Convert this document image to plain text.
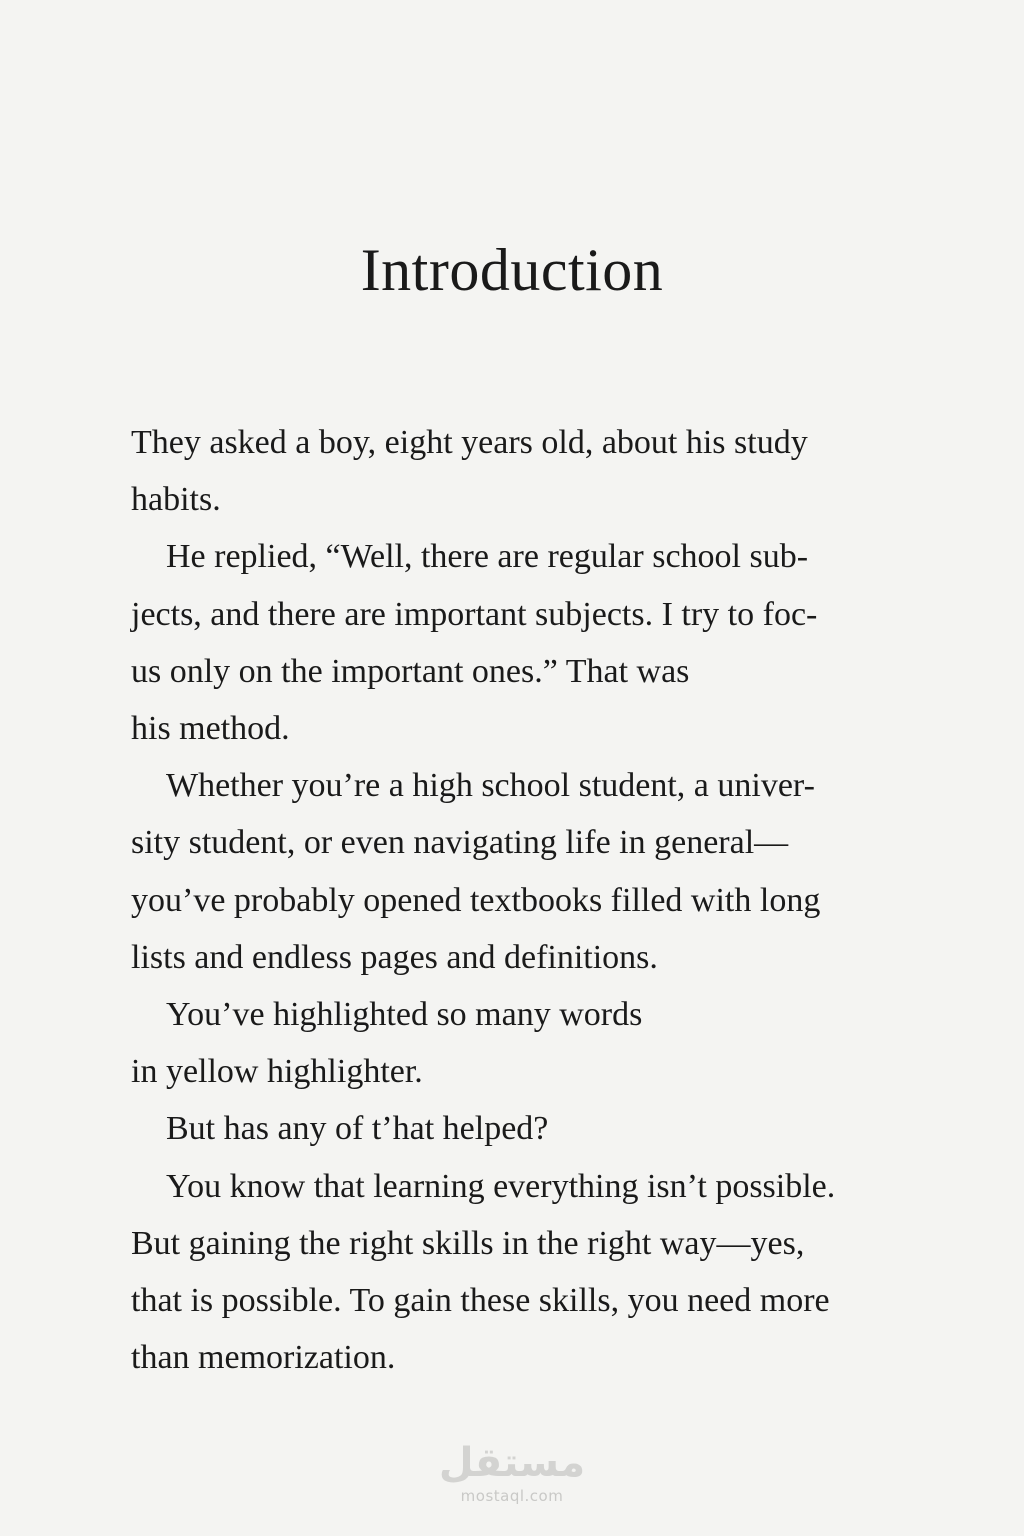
Introduction
They asked a boy, eight years old, about his study
habits.
He replied, “Well, there are regular school sub-
jects, and there are important subjects. I try to foc-
us only on the important ones.” That was
his method.
Whether you’re a high school student, a univer-
sity student, or even navigating life in general—
you’ve probably opened textbooks filled with long
lists and endless pages and definitions.
You’ve highlighted so many words
in yellow highlighter.
But has any of t’hat helped?
You know that learning everything isn’t possible.
But gaining the right skills in the right way—yes,
that is possible. To gain these skills, you need more
than memorization.
مستقل
mostaql.com
